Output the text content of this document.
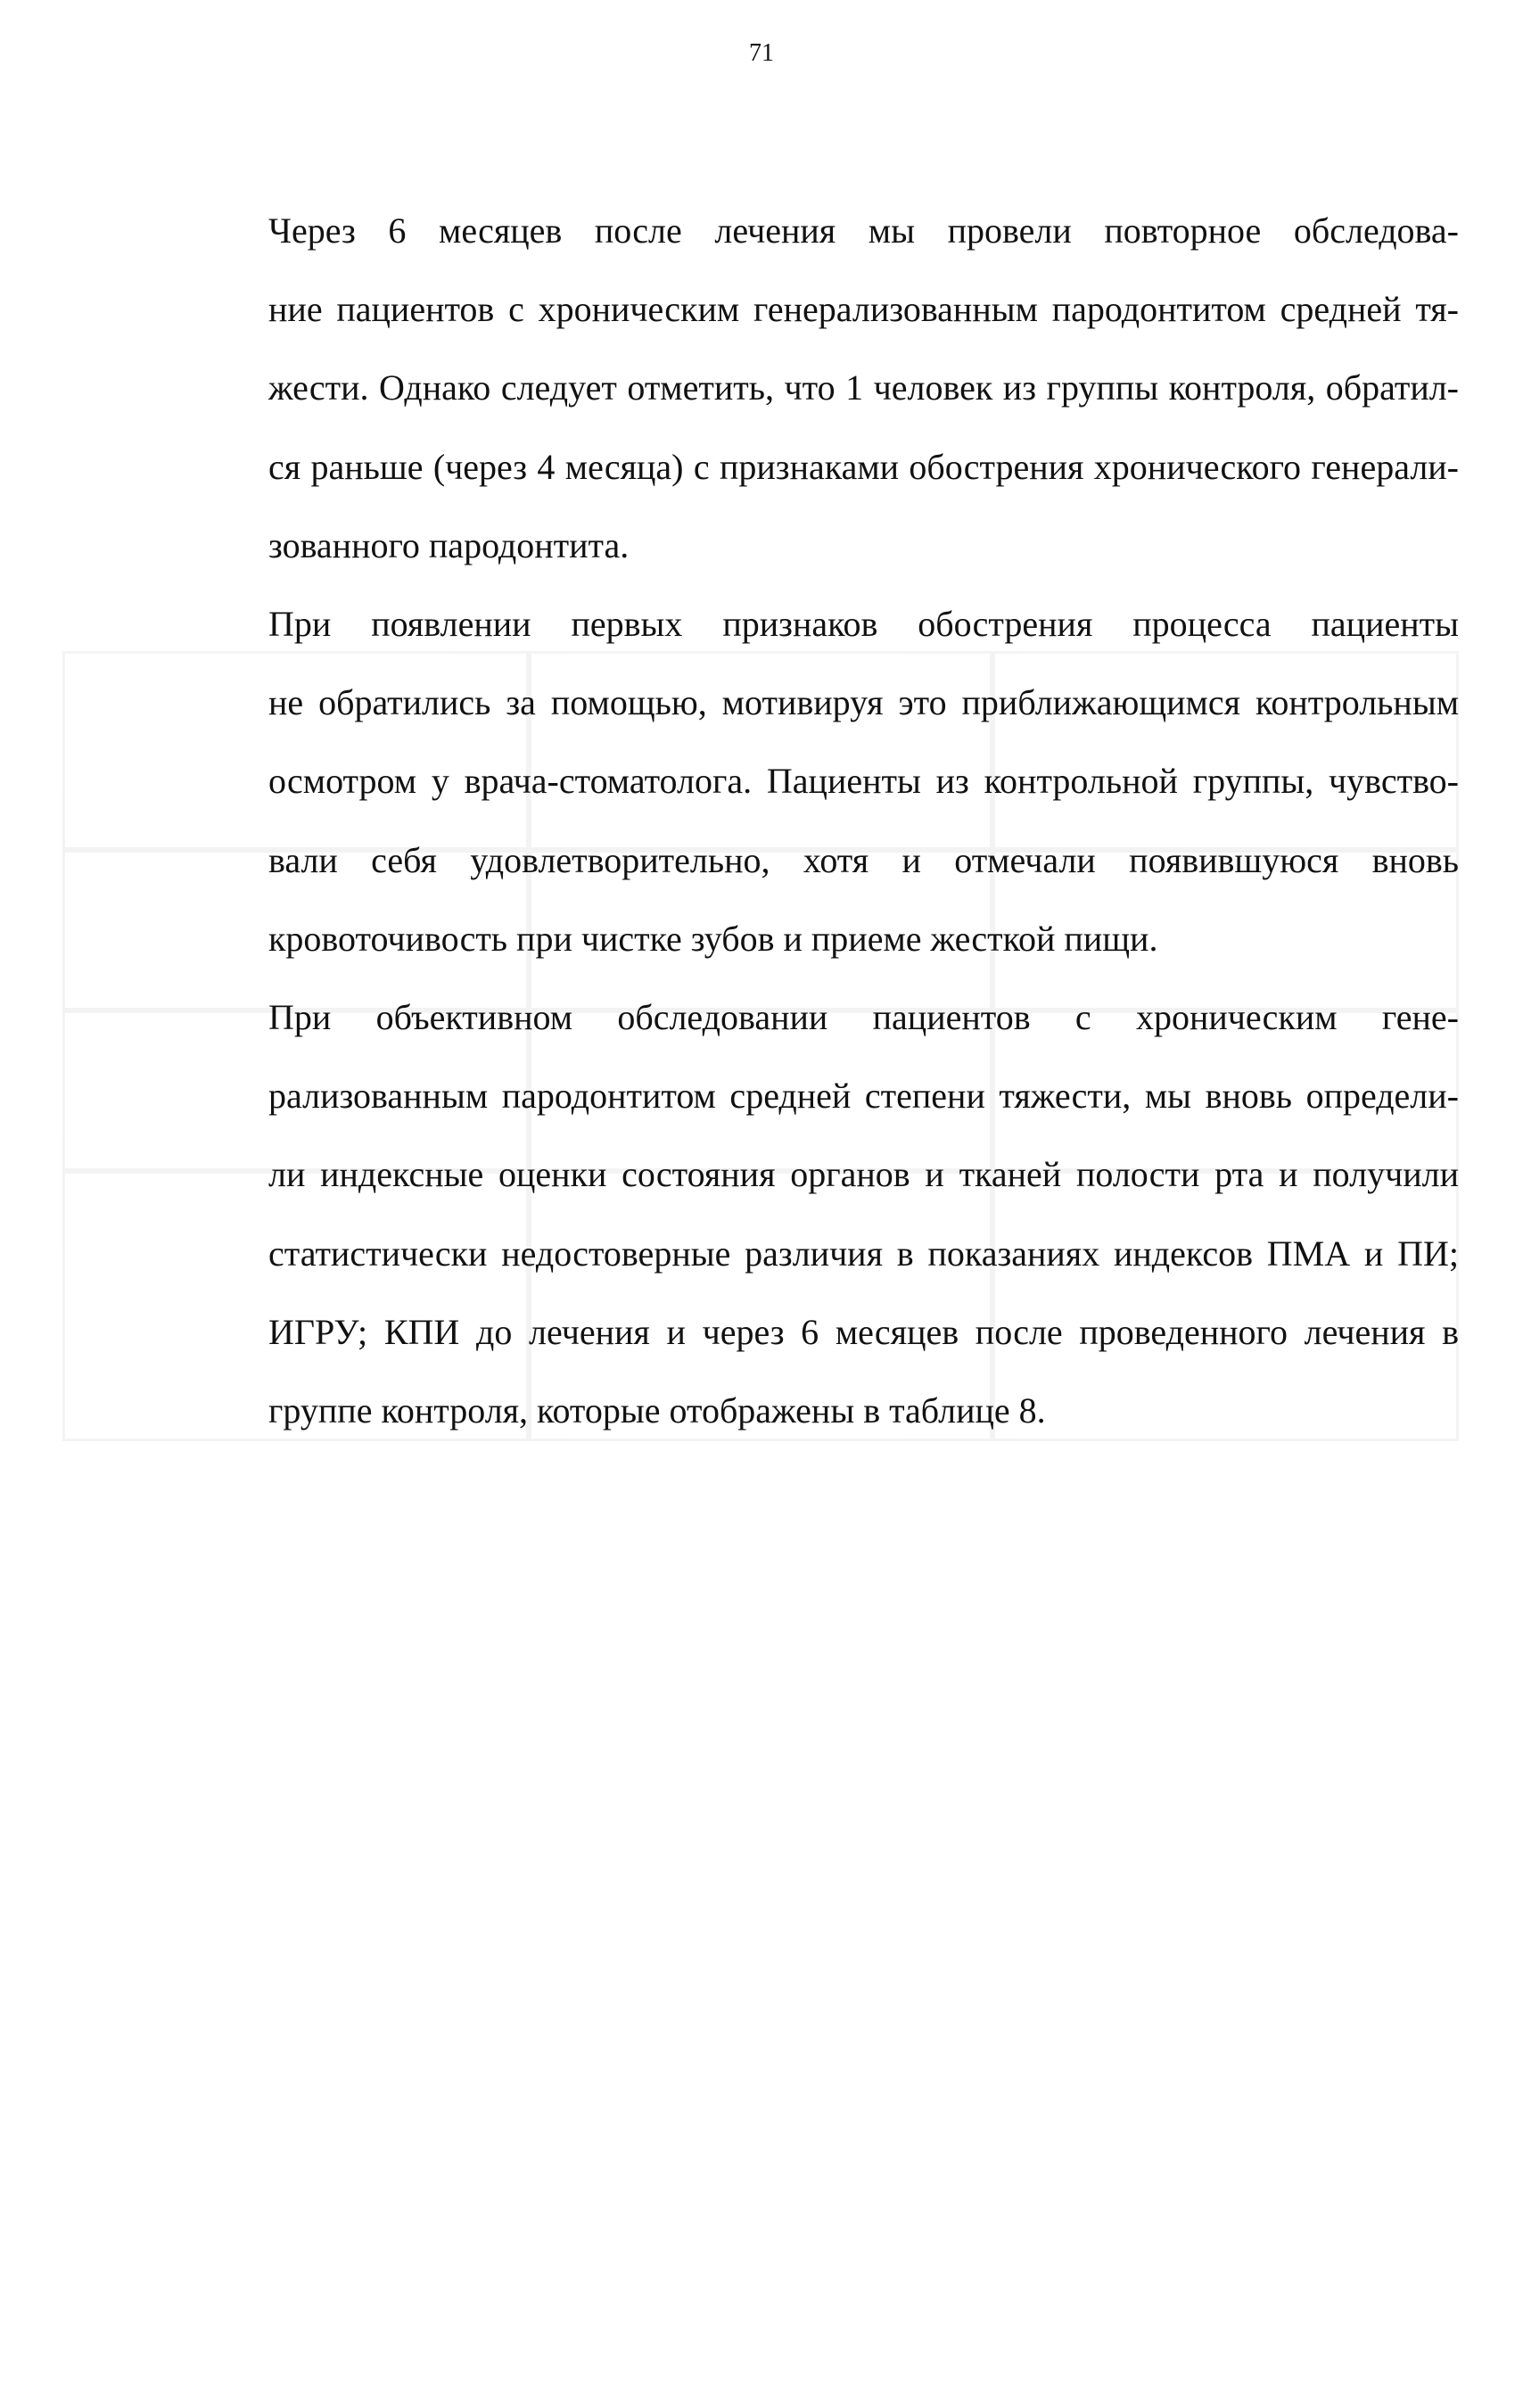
71

Через 6 месяцев после лечения мы провели повторное обследова-
ние пациентов с хроническим генерализованным пародонтитом средней тя-
жести. Однако следует отметить, что 1 человек из группы контроля, обратил-
ся раньше (через 4 месяца) с признаками обострения хронического генерали-
зованного пародонтита.

При появлении первых признаков обострения процесса пациенты
не обратились за помощью, мотивируя это приближающимся контрольным
осмотром у врача-стоматолога. Пациенты из контрольной группы, чувство-
вали себя удовлетворительно, хотя и отмечали появившуюся вновь
кровоточивость при чистке зубов и приеме жесткой пищи.

При объективном обследовании пациентов с хроническим гене-
рализованным пародонтитом средней степени тяжести, мы вновь определи-
ли индексные оценки состояния органов и тканей полости рта и получили
статистически недостоверные различия в показаниях индексов ПМА и ПИ;
ИГРУ; КПИ до лечения и через 6 месяцев после проведенного лечения в
группе контроля, которые отображены в таблице 8.
